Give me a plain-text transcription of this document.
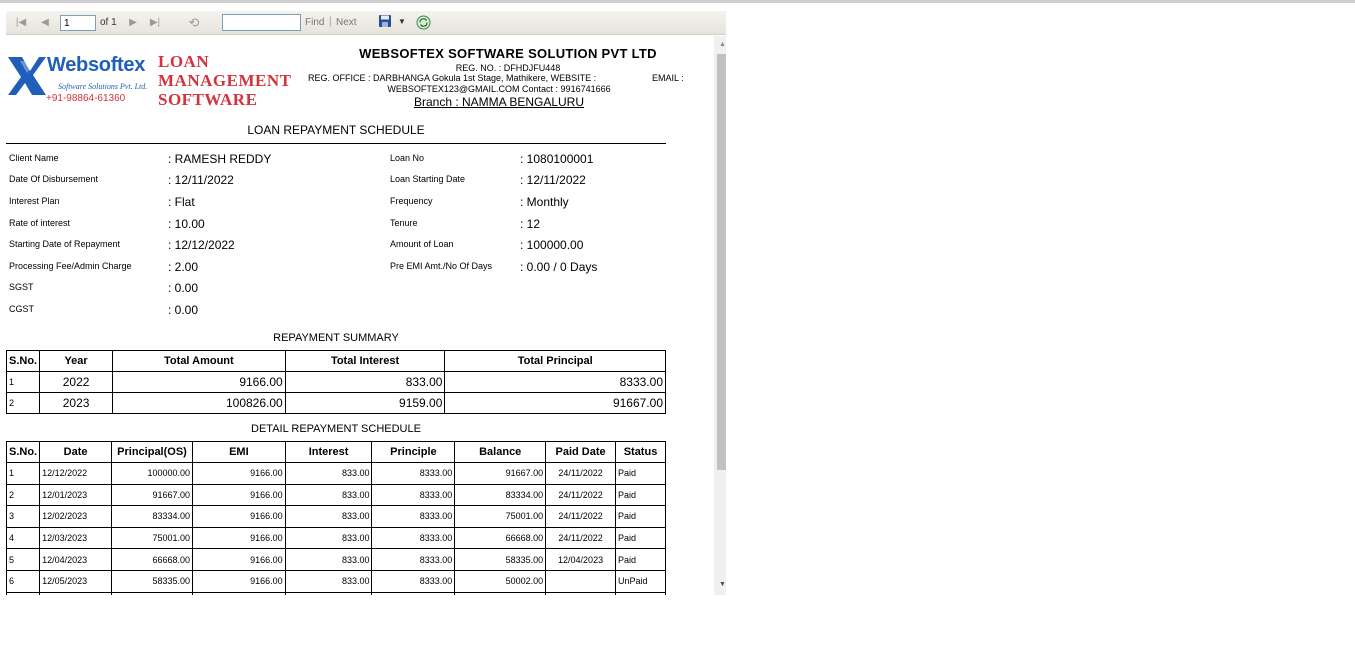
|◀	◀
1	of 1	▶	▶| ⟲	Find | Next	▼
Websoftex
Software Solutions Pvt. Ltd.
+91-98864-61360
LOAN
MANAGEMENT
SOFTWARE
WEBSOFTEX SOFTWARE SOLUTION PVT LTD
REG. NO. : DFHDJFU448
REG. OFFICE : DARBHANGA Gokula 1st Stage, Mathikere, WEBSITE :	EMAIL :
WEBSOFTEX123@GMAIL.COM Contact : 9916741666
Branch : NAMMA BENGALURU
LOAN REPAYMENT SCHEDULE
Client Name	: RAMESH REDDY
Date Of Disbursement	: 12/11/2022
Interest Plan	: Flat
Rate of interest	: 10.00
Starting Date of Repayment	: 12/12/2022
Processing Fee/Admin Charge	: 2.00
SGST	: 0.00
CGST	: 0.00
Loan No	: 1080100001
Loan Starting Date	: 12/11/2022
Frequency	: Monthly
Tenure	: 12
Amount of Loan	: 100000.00
Pre EMI Amt./No Of Days : 0.00 / 0 Days
REPAYMENT SUMMARY
S.No.	Year	Total Amount	Total Interest	Total Principal
1	2022	9166.00	833.00	8333.00
2	2023	100826.00	9159.00	91667.00
DETAIL REPAYMENT SCHEDULE
S.No.	Date	Principal(OS)	EMI	Interest	Principle	Balance	Paid Date	Status
1	12/12/2022	100000.00	9166.00	833.00	8333.00	91667.00	24/11/2022	Paid
2	12/01/2023	91667.00	9166.00	833.00	8333.00	83334.00	24/11/2022	Paid
3	12/02/2023	83334.00	9166.00	833.00	8333.00	75001.00	24/11/2022	Paid
4	12/03/2023	75001.00	9166.00	833.00	8333.00	66668.00	24/11/2022	Paid
5	12/04/2023	66668.00	9166.00	833.00	8333.00	58335.00	12/04/2023	Paid
6	12/05/2023	58335.00	9166.00	833.00	8333.00	50002.00		UnPaid

▲
▼
